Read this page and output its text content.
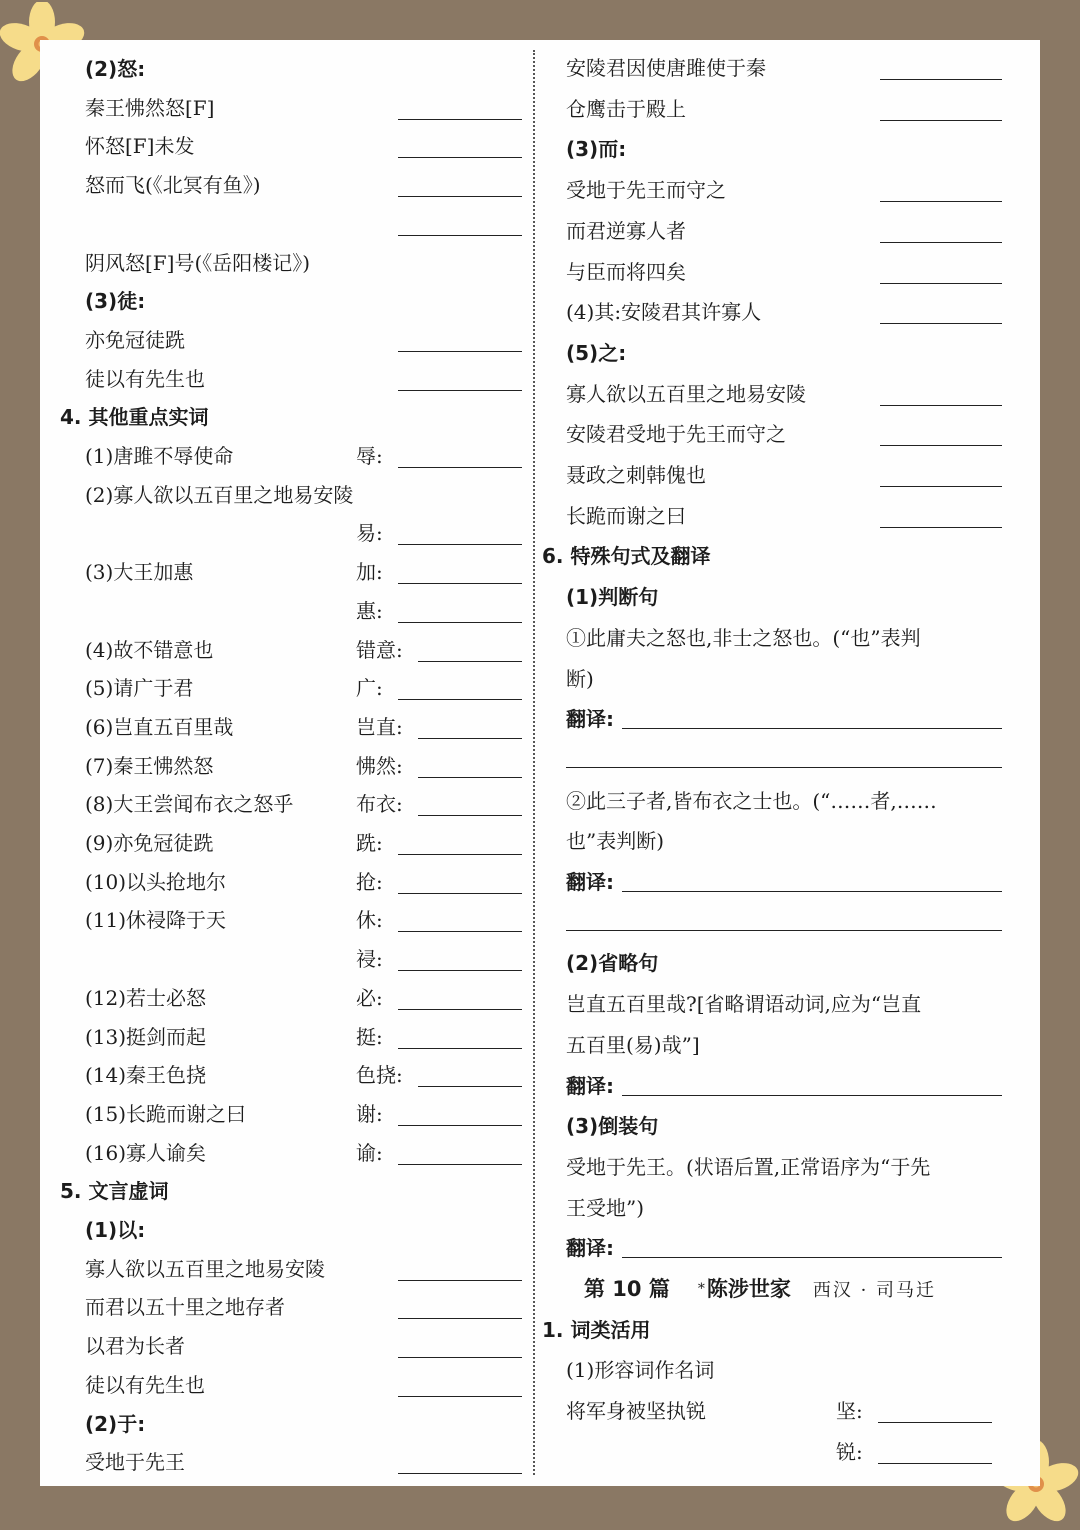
(2)怒:
秦王怫然怒[F]
怀怒[F]未发
怒而飞(《北冥有鱼》)
阴风怒[F]号(《岳阳楼记》)
(3)徒:
亦免冠徒跣
徒以有先生也
4. 其他重点实词
(1)唐雎不辱使命	辱:
(2)寡人欲以五百里之地易安陵
易:
(3)大王加惠	加:
惠:
(4)故不错意也	错意:
(5)请广于君	广:
(6)岂直五百里哉	岂直:
(7)秦王怫然怒	怫然:
(8)大王尝闻布衣之怒乎	布衣:
(9)亦免冠徒跣	跣:
(10)以头抢地尔	抢:
(11)休祲降于天	休:
祲:
(12)若士必怒	必:
(13)挺剑而起	挺:
(14)秦王色挠	色挠:
(15)长跪而谢之曰	谢:
(16)寡人谕矣	谕:
5. 文言虚词
(1)以:
寡人欲以五百里之地易安陵
而君以五十里之地存者
以君为长者
徒以有先生也
(2)于:
受地于先王
安陵君因使唐雎使于秦
仓鹰击于殿上
(3)而:
受地于先王而守之
而君逆寡人者
与臣而将四矣
(4)其:安陵君其许寡人
(5)之:
寡人欲以五百里之地易安陵
安陵君受地于先王而守之
聂政之刺韩傀也
长跪而谢之曰
6. 特殊句式及翻译
(1)判断句
①此庸夫之怒也,非士之怒也。(“也”表判
断)
翻译:
②此三子者,皆布衣之士也。(“……者,……
也”表判断)
翻译:
(2)省略句
岂直五百里哉?[省略谓语动词,应为“岂直
五百里(易)哉”]
翻译:
(3)倒装句
受地于先王。(状语后置,正常语序为“于先
王受地”)
翻译:
第 10 篇 *陈涉世家 西汉 · 司马迁
1. 词类活用
(1)形容词作名词
将军身被坚执锐	坚:
锐:
